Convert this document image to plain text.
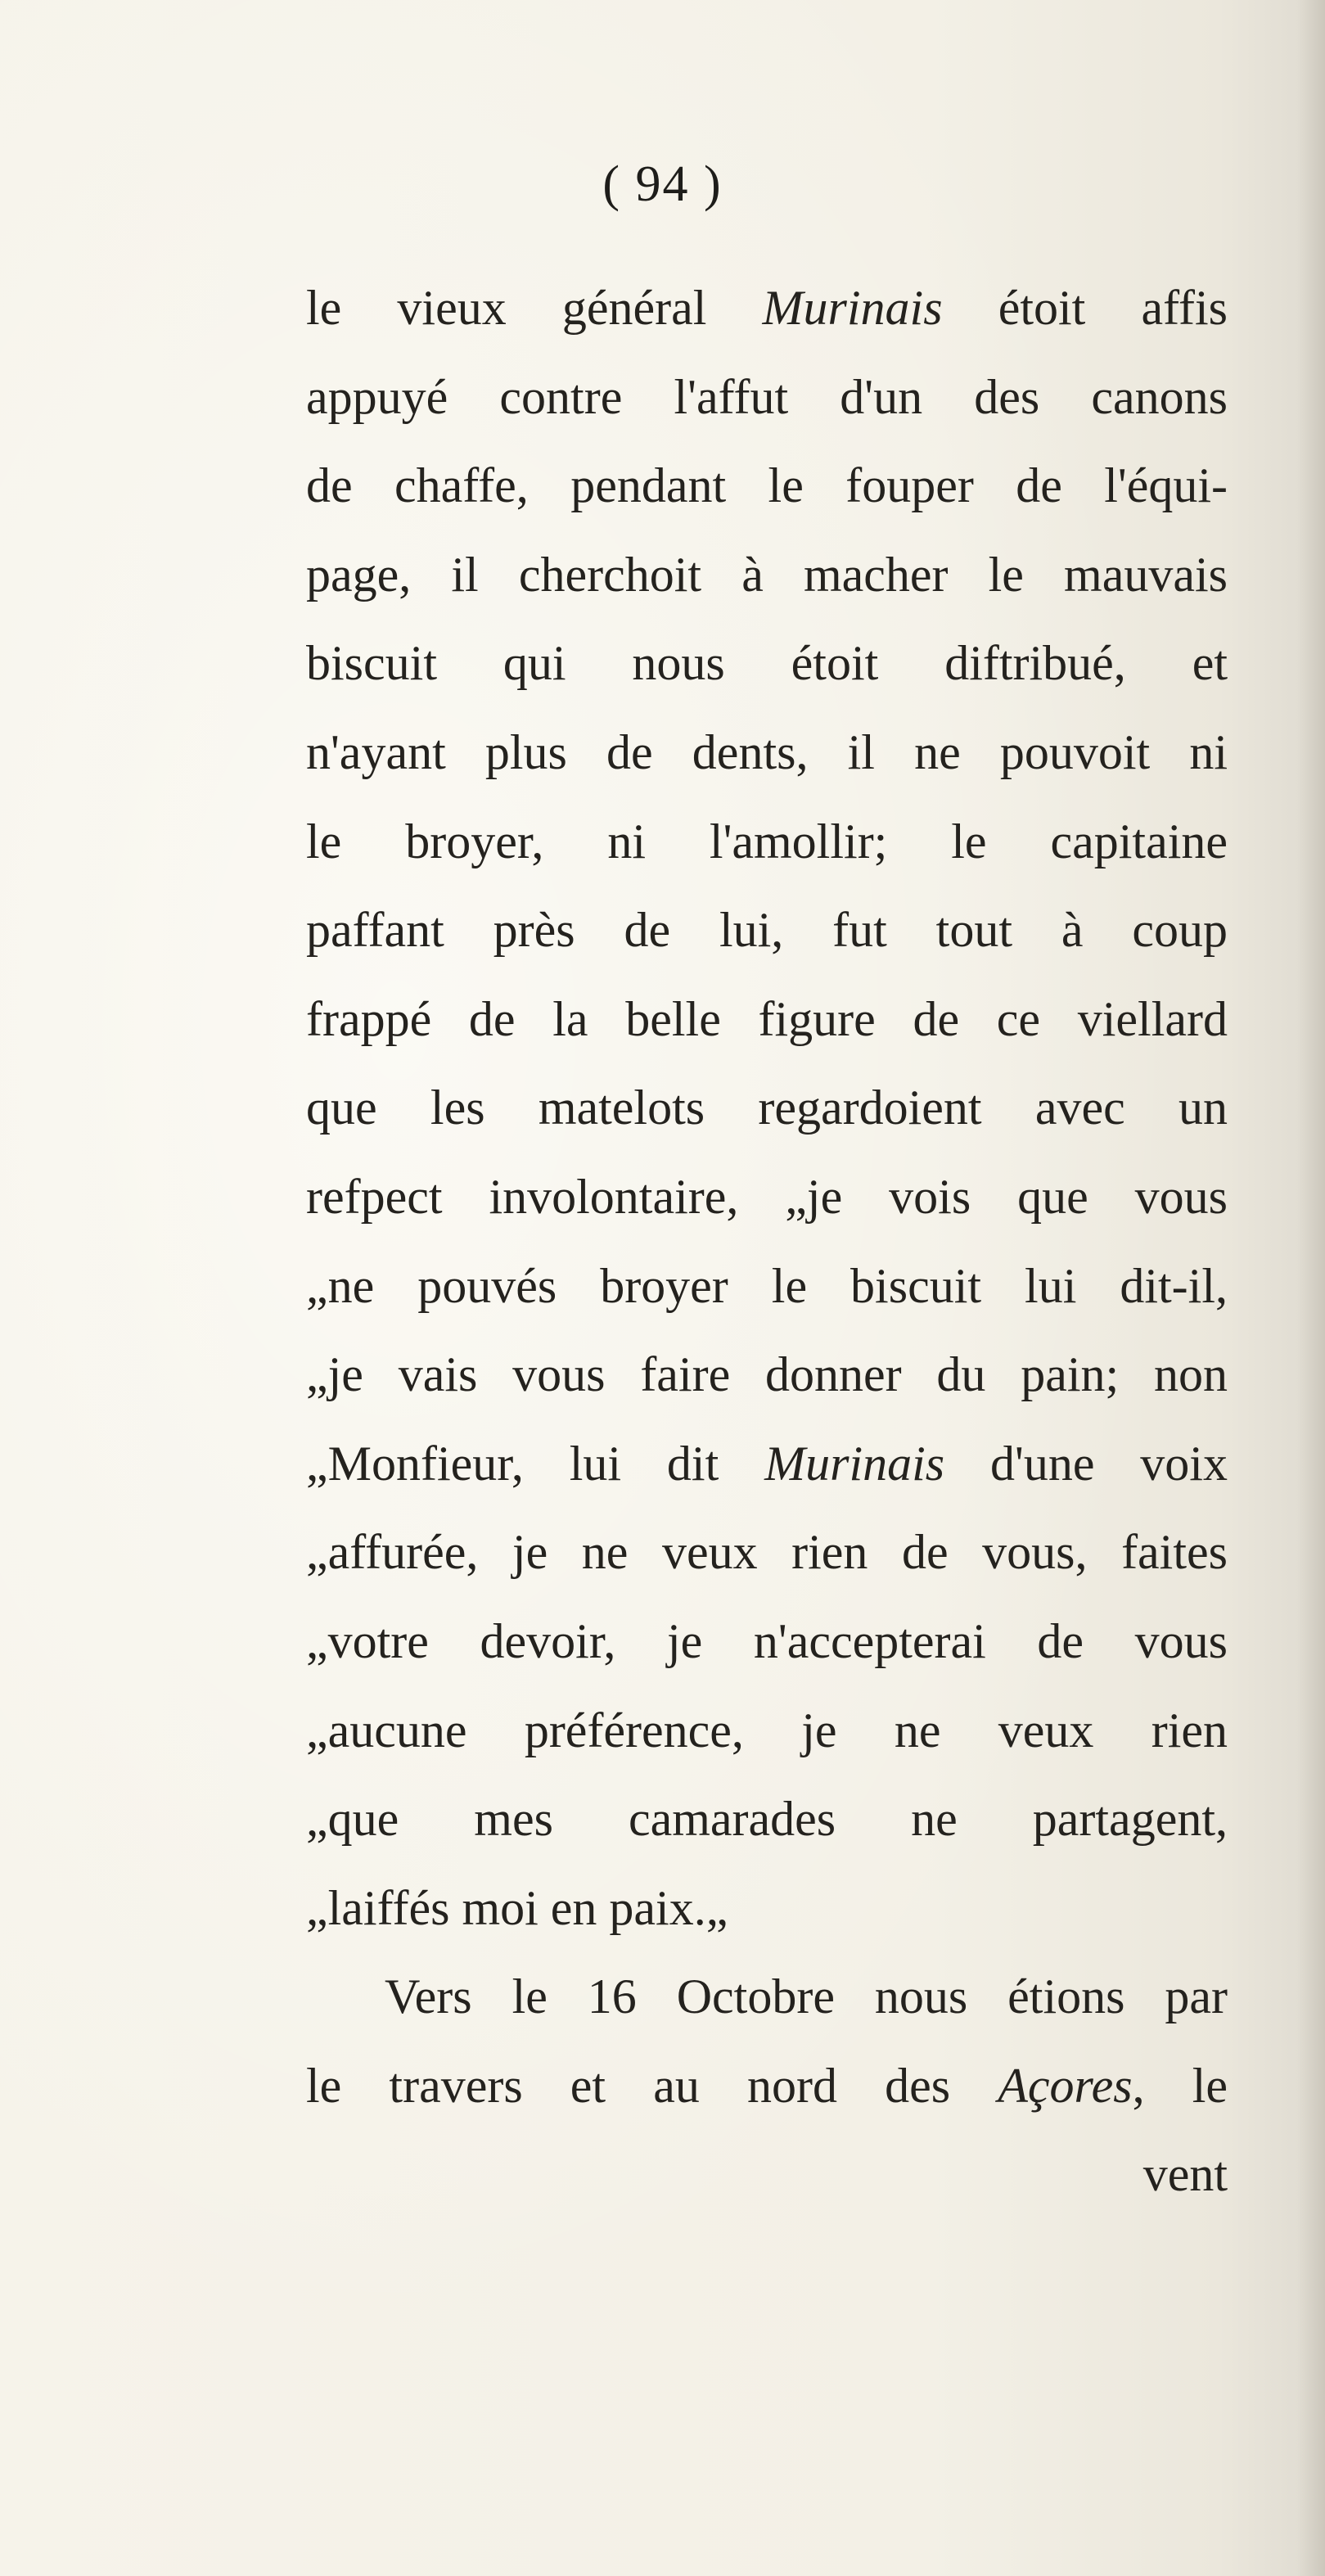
( 94 )
le vieux général Murinais étoit affis
appuyé contre l'affut d'un des canons
de chaffe, pendant le fouper de l'équi-
page, il cherchoit à macher le mauvais
biscuit qui nous étoit diftribué, et
n'ayant plus de dents, il ne pouvoit ni
le broyer, ni l'amollir; le capitaine
paffant près de lui, fut tout à coup
frappé de la belle figure de ce viellard
que les matelots regardoient avec un
refpect involontaire, „je vois que vous
„ne pouvés broyer le biscuit lui dit-il,
„je vais vous faire donner du pain; non
„Monfieur, lui dit Murinais d'une voix
„affurée, je ne veux rien de vous, faites
„votre devoir, je n'accepterai de vous
„aucune préférence, je ne veux rien
„que mes camarades ne partagent,
„laiffés moi en paix.„
Vers le 16 Octobre nous étions par
le travers et au nord des Açores, le
vent
